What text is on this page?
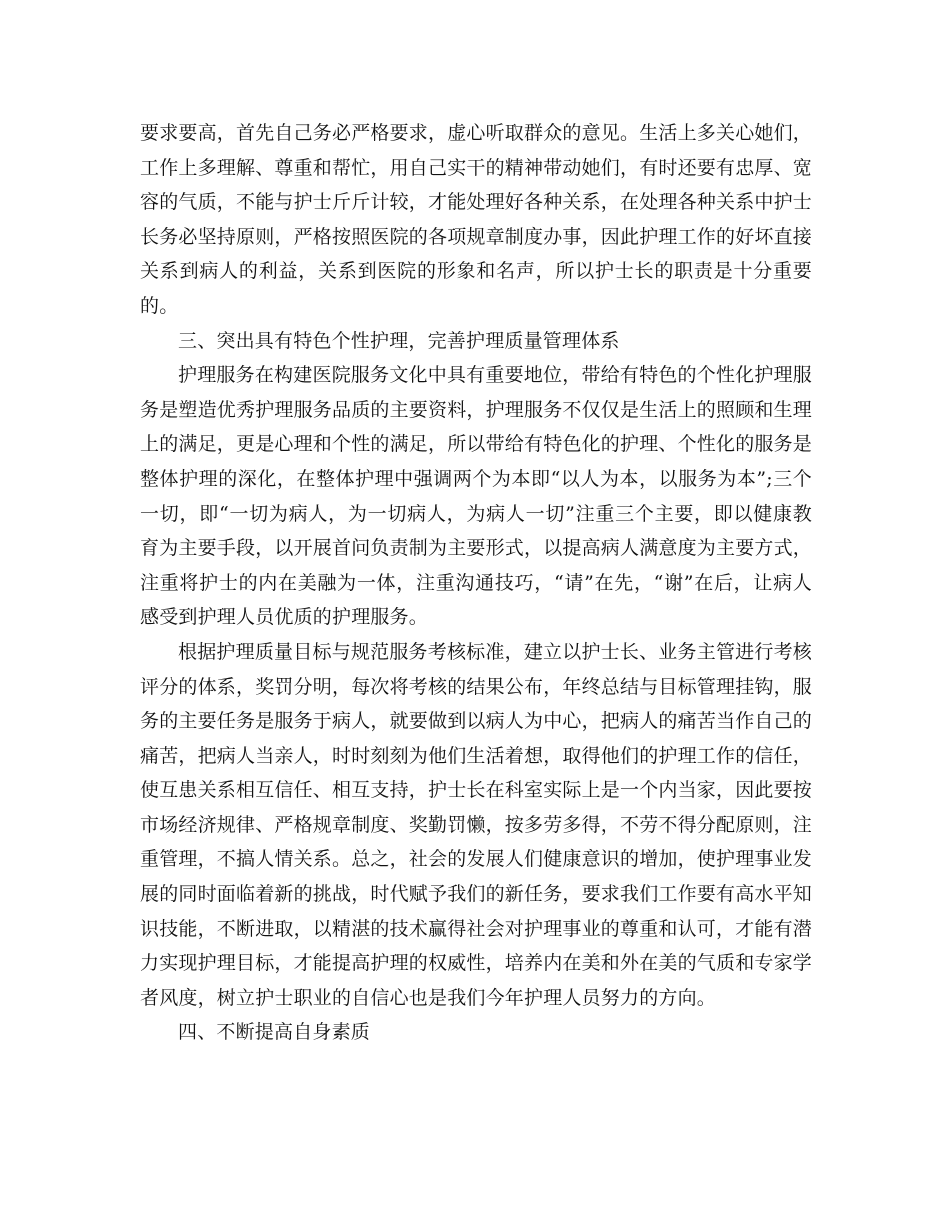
要求要高，首先自己务必严格要求，虚心听取群众的意见。生活上多关心她们，工作上多理解、尊重和帮忙，用自己实干的精神带动她们，有时还要有忠厚、宽容的气质，不能与护士斤斤计较，才能处理好各种关系，在处理各种关系中护士长务必坚持原则，严格按照医院的各项规章制度办事，因此护理工作的好坏直接关系到病人的利益，关系到医院的形象和名声，所以护士长的职责是十分重要的。

三、突出具有特色个性护理，完善护理质量管理体系

护理服务在构建医院服务文化中具有重要地位，带给有特色的个性化护理服务是塑造优秀护理服务品质的主要资料，护理服务不仅仅是生活上的照顾和生理上的满足，更是心理和个性的满足，所以带给有特色化的护理、个性化的服务是整体护理的深化，在整体护理中强调两个为本即“以人为本，以服务为本”;三个一切，即“一切为病人，为一切病人，为病人一切”注重三个主要，即以健康教育为主要手段，以开展首问负责制为主要形式，以提高病人满意度为主要方式，注重将护士的内在美融为一体，注重沟通技巧，“请”在先，“谢”在后，让病人感受到护理人员优质的护理服务。

根据护理质量目标与规范服务考核标准，建立以护士长、业务主管进行考核评分的体系，奖罚分明，每次将考核的结果公布，年终总结与目标管理挂钩，服务的主要任务是服务于病人，就要做到以病人为中心，把病人的痛苦当作自己的痛苦，把病人当亲人，时时刻刻为他们生活着想，取得他们的护理工作的信任，使互患关系相互信任、相互支持，护士长在科室实际上是一个内当家，因此要按市场经济规律、严格规章制度、奖勤罚懒，按多劳多得，不劳不得分配原则，注重管理，不搞人情关系。总之，社会的发展人们健康意识的增加，使护理事业发展的同时面临着新的挑战，时代赋予我们的新任务，要求我们工作要有高水平知识技能，不断进取，以精湛的技术赢得社会对护理事业的尊重和认可，才能有潜力实现护理目标，才能提高护理的权威性，培养内在美和外在美的气质和专家学者风度，树立护士职业的自信心也是我们今年护理人员努力的方向。

四、不断提高自身素质
